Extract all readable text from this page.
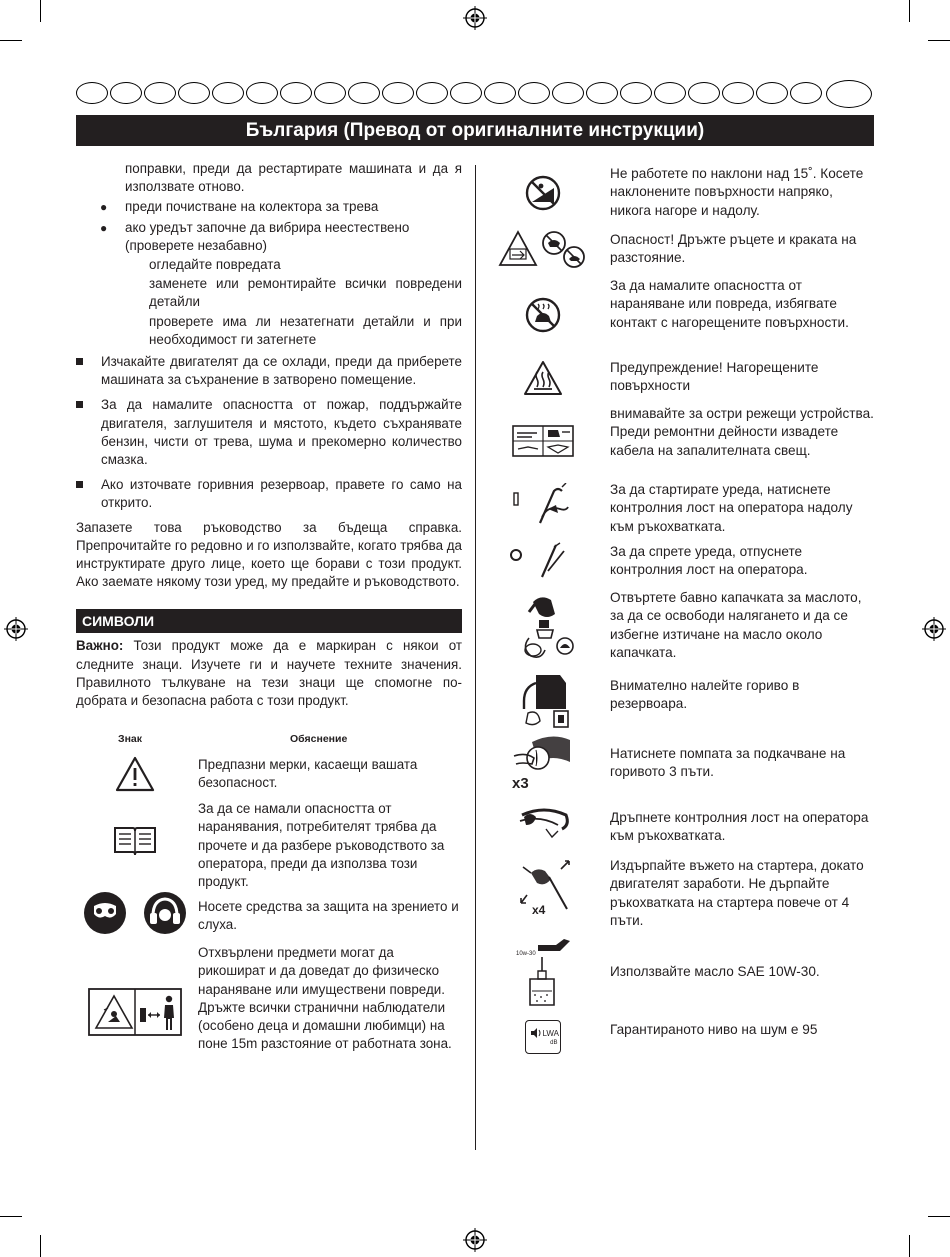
България (Превод от оригиналните инструкции)
поправки, преди да рестартирате машината и да я използвате отново.
● преди почистване на колектора за трева
● ако уредът започне да вибрира неестествено (проверете незабавно)
огледайте повредата
заменете или ремонтирайте всички повредени детайли
проверете има ли незатегнати детайли и при необходимост ги затегнете
Изчакайте двигателят да се охлади, преди да приберете машината за съхранение в затворено помещение.
За да намалите опасността от пожар, поддържайте двигателя, заглушителя и мястото, където съхранявате бензин, чисти от трева, шума и прекомерно количество смазка.
Ако източвате горивния резервоар, правете го само на открито.
Запазете това ръководство за бъдеща справка. Препрочитайте го редовно и го използвайте, когато трябва да инструктирате друго лице, което ще борави с този продукт. Ако заемате някому този уред, му предайте и ръководството.
СИМВОЛИ
Важно: Този продукт може да е маркиран с някои от следните знаци. Изучете ги и научете техните значения. Правилното тълкуване на тези знаци ще спомогне по-добрата и безопасна работа с този продукт.
Знак	Обяснение
Предпазни мерки, касаещи вашата безопасност.
За да се намали опасността от наранявания, потребителят трябва да прочете и да разбере ръководството за оператора, преди да използва този продукт.
Носете средства за защита на зрението и слуха.
Отхвърлени предмети могат да рикошират и да доведат до физическо нараняване или имуществени повреди. Дръжте всички странични наблюдатели (особено деца и домашни любимци) на поне 15m разстояние от работната зона.
Не работете по наклони над 15˚. Косете наклонените повърхности напряко, никога нагоре и надолу.
Опасност! Дръжте ръцете и краката на разстояние.
За да намалите опасността от нараняване или повреда, избягвате контакт с нагорещените повърхности.
Предупреждение! Нагорещените повърхности
внимавайте за остри режещи устройства. Преди ремонтни дейности извадете кабела на запалителната свещ.
За да стартирате уреда, натиснете контролния лост на оператора надолу към ръкохватката.
За да спрете уреда, отпуснете контролния лост на оператора.
Отвъртете бавно капачката за маслото, за да се освободи налягането и да се избегне изтичане на масло около капачката.
Внимателно налейте гориво в резервоара.
x3
Натиснете помпата за подкачване на горивото 3 пъти.
Дръпнете контролния лост на оператора към ръкохватката.
x4
Издърпайте въжето на стартера, докато двигателят заработи. Не дърпайте ръкохватката на стартера повече от 4 пъти.
10w-30
Използвайте масло SAE 10W-30.
LWA
dB
Гарантираното ниво на шум е 95
